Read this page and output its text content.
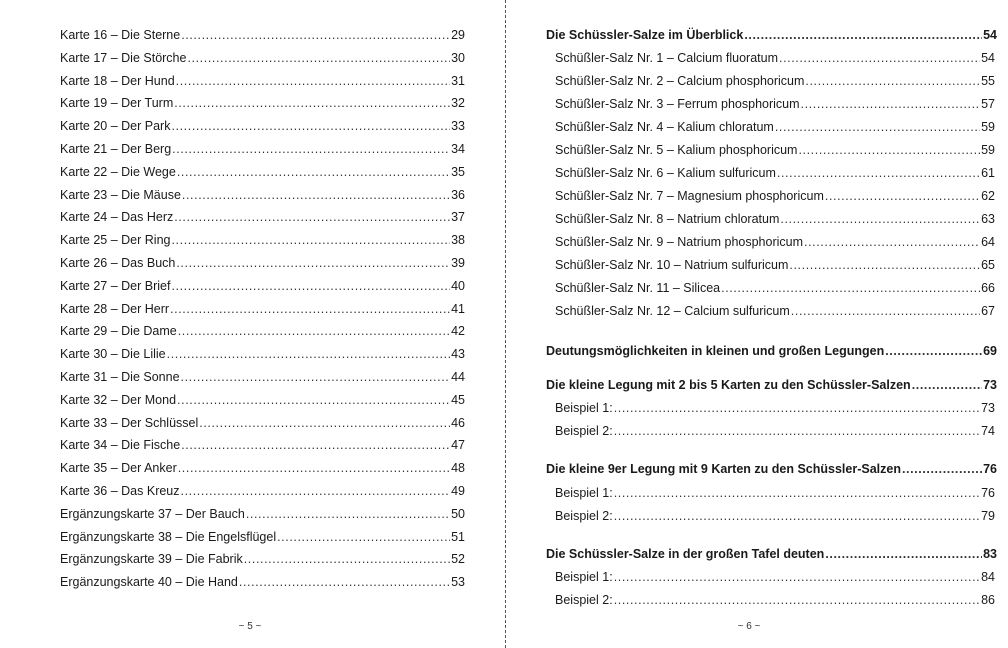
Karte 16 – Die Sterne .....	29
Karte 17 – Die Störche .....	30
Karte 18 – Der Hund .....	31
Karte 19 – Der Turm .....	32
Karte 20 – Der Park .....	33
Karte 21 – Der Berg .....	34
Karte 22 – Die Wege .....	35
Karte 23 – Die Mäuse .....	36
Karte 24 – Das Herz .....	37
Karte 25 – Der Ring .....	38
Karte 26 – Das Buch .....	39
Karte 27 – Der Brief .....	40
Karte 28 – Der Herr .....	41
Karte 29 – Die Dame .....	42
Karte 30 – Die Lilie .....	43
Karte 31 – Die Sonne .....	44
Karte 32 – Der Mond .....	45
Karte 33 – Der Schlüssel .....	46
Karte 34 – Die Fische .....	47
Karte 35 – Der Anker .....	48
Karte 36 – Das Kreuz .....	49
Ergänzungskarte 37 – Der Bauch .....	50
Ergänzungskarte 38 – Die Engelsflügel .....	51
Ergänzungskarte 39 – Die Fabrik .....	52
Ergänzungskarte 40 – Die Hand .....	53
~ 5 ~
Die Schüssler-Salze im Überblick .....	54
Schüßler-Salz Nr. 1 – Calcium fluoratum .....	54
Schüßler-Salz Nr. 2 – Calcium phosphoricum .....	55
Schüßler-Salz Nr. 3 – Ferrum phosphoricum .....	57
Schüßler-Salz Nr. 4 – Kalium chloratum .....	59
Schüßler-Salz Nr. 5 – Kalium phosphoricum .....	59
Schüßler-Salz Nr. 6 – Kalium sulfuricum .....	61
Schüßler-Salz Nr. 7 – Magnesium phosphoricum .....	62
Schüßler-Salz Nr. 8 – Natrium chloratum .....	63
Schüßler-Salz Nr. 9 – Natrium phosphoricum .....	64
Schüßler-Salz Nr. 10 – Natrium sulfuricum .....	65
Schüßler-Salz Nr. 11 – Silicea .....	66
Schüßler-Salz Nr. 12 – Calcium sulfuricum .....	67
Deutungsmöglichkeiten in kleinen und großen Legungen .....	69
Die kleine Legung mit 2 bis 5 Karten zu den Schüssler-Salzen .....	73
Beispiel 1: .....	73
Beispiel 2: .....	74
Die kleine 9er Legung mit 9 Karten zu den Schüssler-Salzen .....	76
Beispiel 1: .....	76
Beispiel 2: .....	79
Die Schüssler-Salze in der großen Tafel deuten .....	83
Beispiel 1: .....	84
Beispiel 2: .....	86
~ 6 ~
